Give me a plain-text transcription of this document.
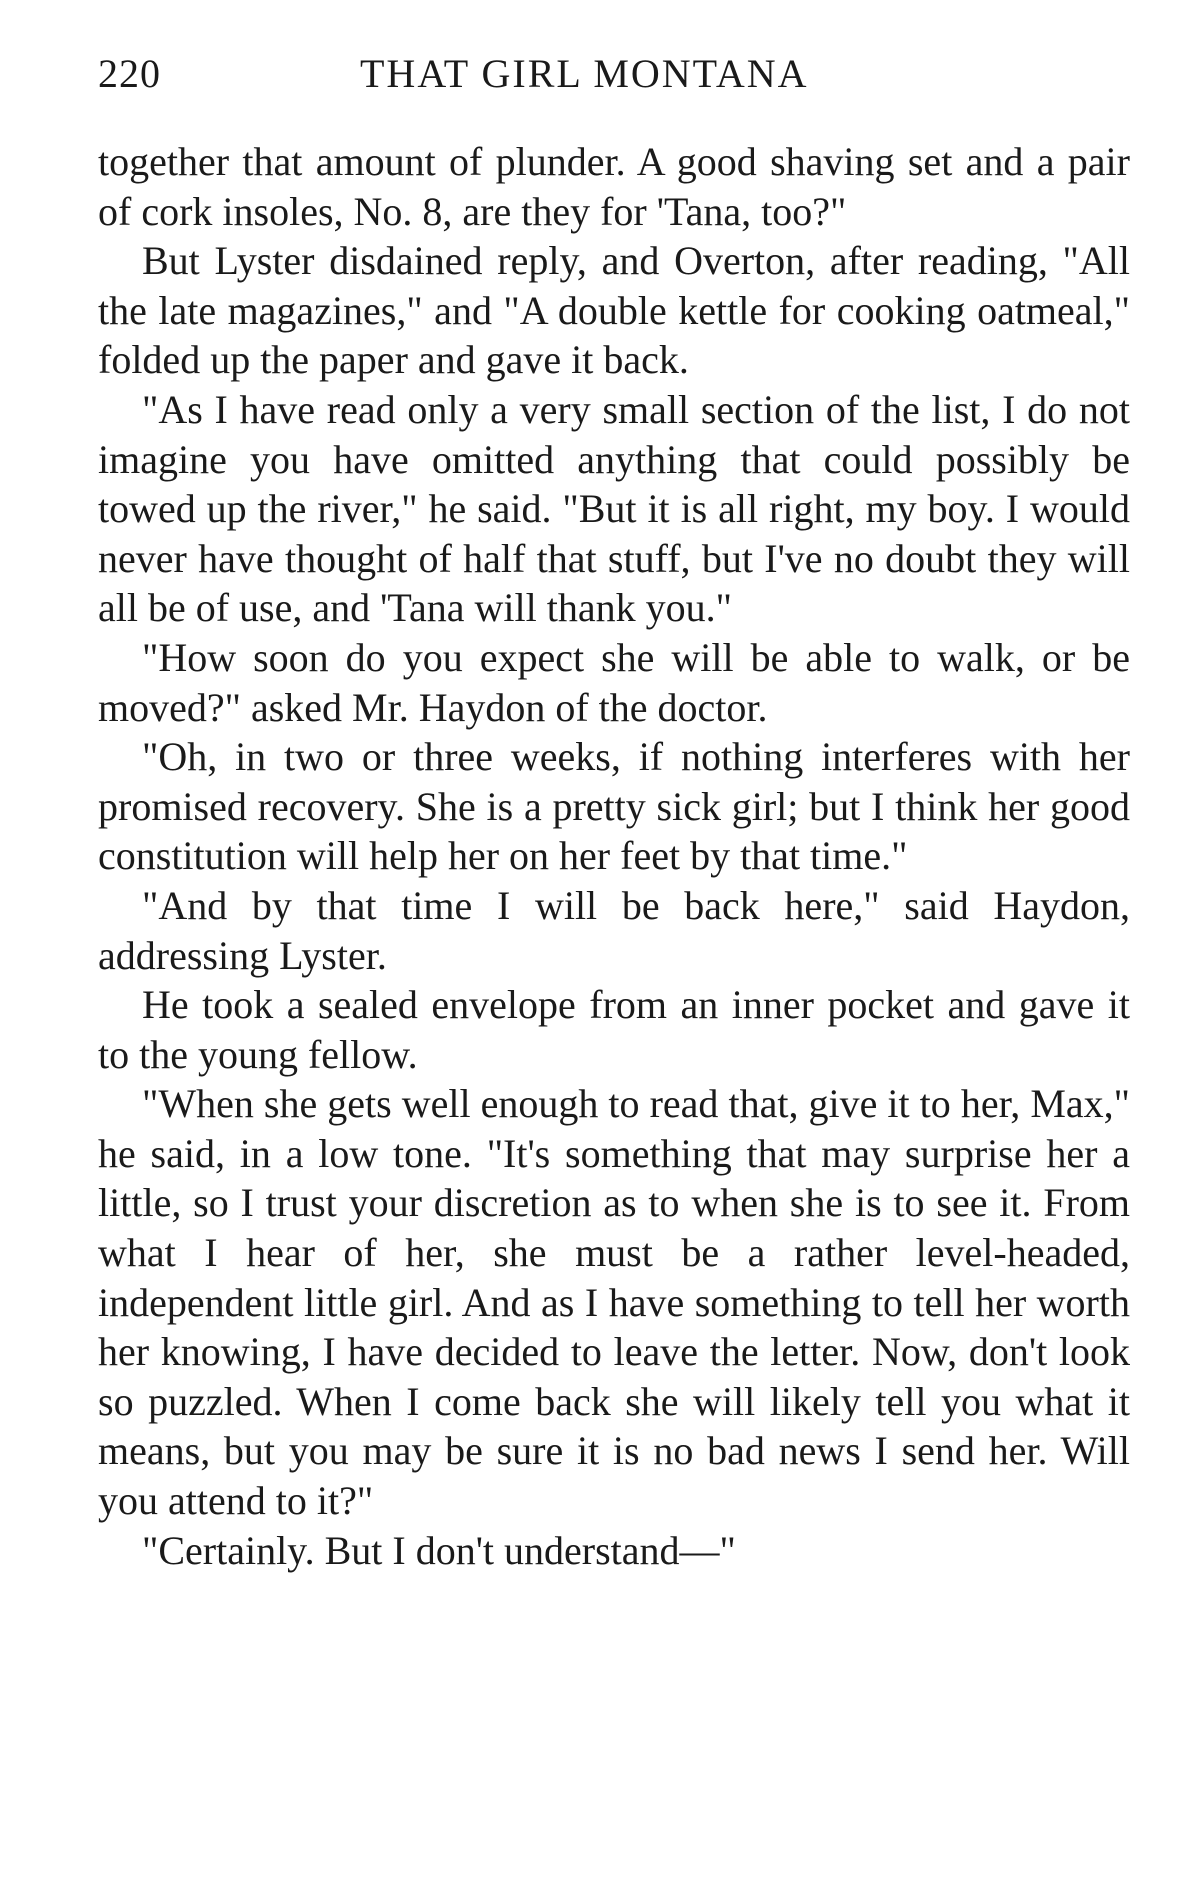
220	THAT GIRL MONTANA

together that amount of plunder. A good shaving set and a pair of cork insoles, No. 8, are they for 'Tana, too?"

But Lyster disdained reply, and Overton, after reading, "All the late magazines," and "A double kettle for cooking oatmeal," folded up the paper and gave it back.

"As I have read only a very small section of the list, I do not imagine you have omitted anything that could possibly be towed up the river," he said. "But it is all right, my boy. I would never have thought of half that stuff, but I've no doubt they will all be of use, and 'Tana will thank you."

"How soon do you expect she will be able to walk, or be moved?" asked Mr. Haydon of the doctor.

"Oh, in two or three weeks, if nothing interferes with her promised recovery. She is a pretty sick girl; but I think her good constitution will help her on her feet by that time."

"And by that time I will be back here," said Haydon, addressing Lyster.

He took a sealed envelope from an inner pocket and gave it to the young fellow.

"When she gets well enough to read that, give it to her, Max," he said, in a low tone. "It's something that may surprise her a little, so I trust your discretion as to when she is to see it. From what I hear of her, she must be a rather level-headed, independent little girl. And as I have something to tell her worth her knowing, I have decided to leave the letter. Now, don't look so puzzled. When I come back she will likely tell you what it means, but you may be sure it is no bad news I send her. Will you attend to it?"

"Certainly. But I don't understand—"
